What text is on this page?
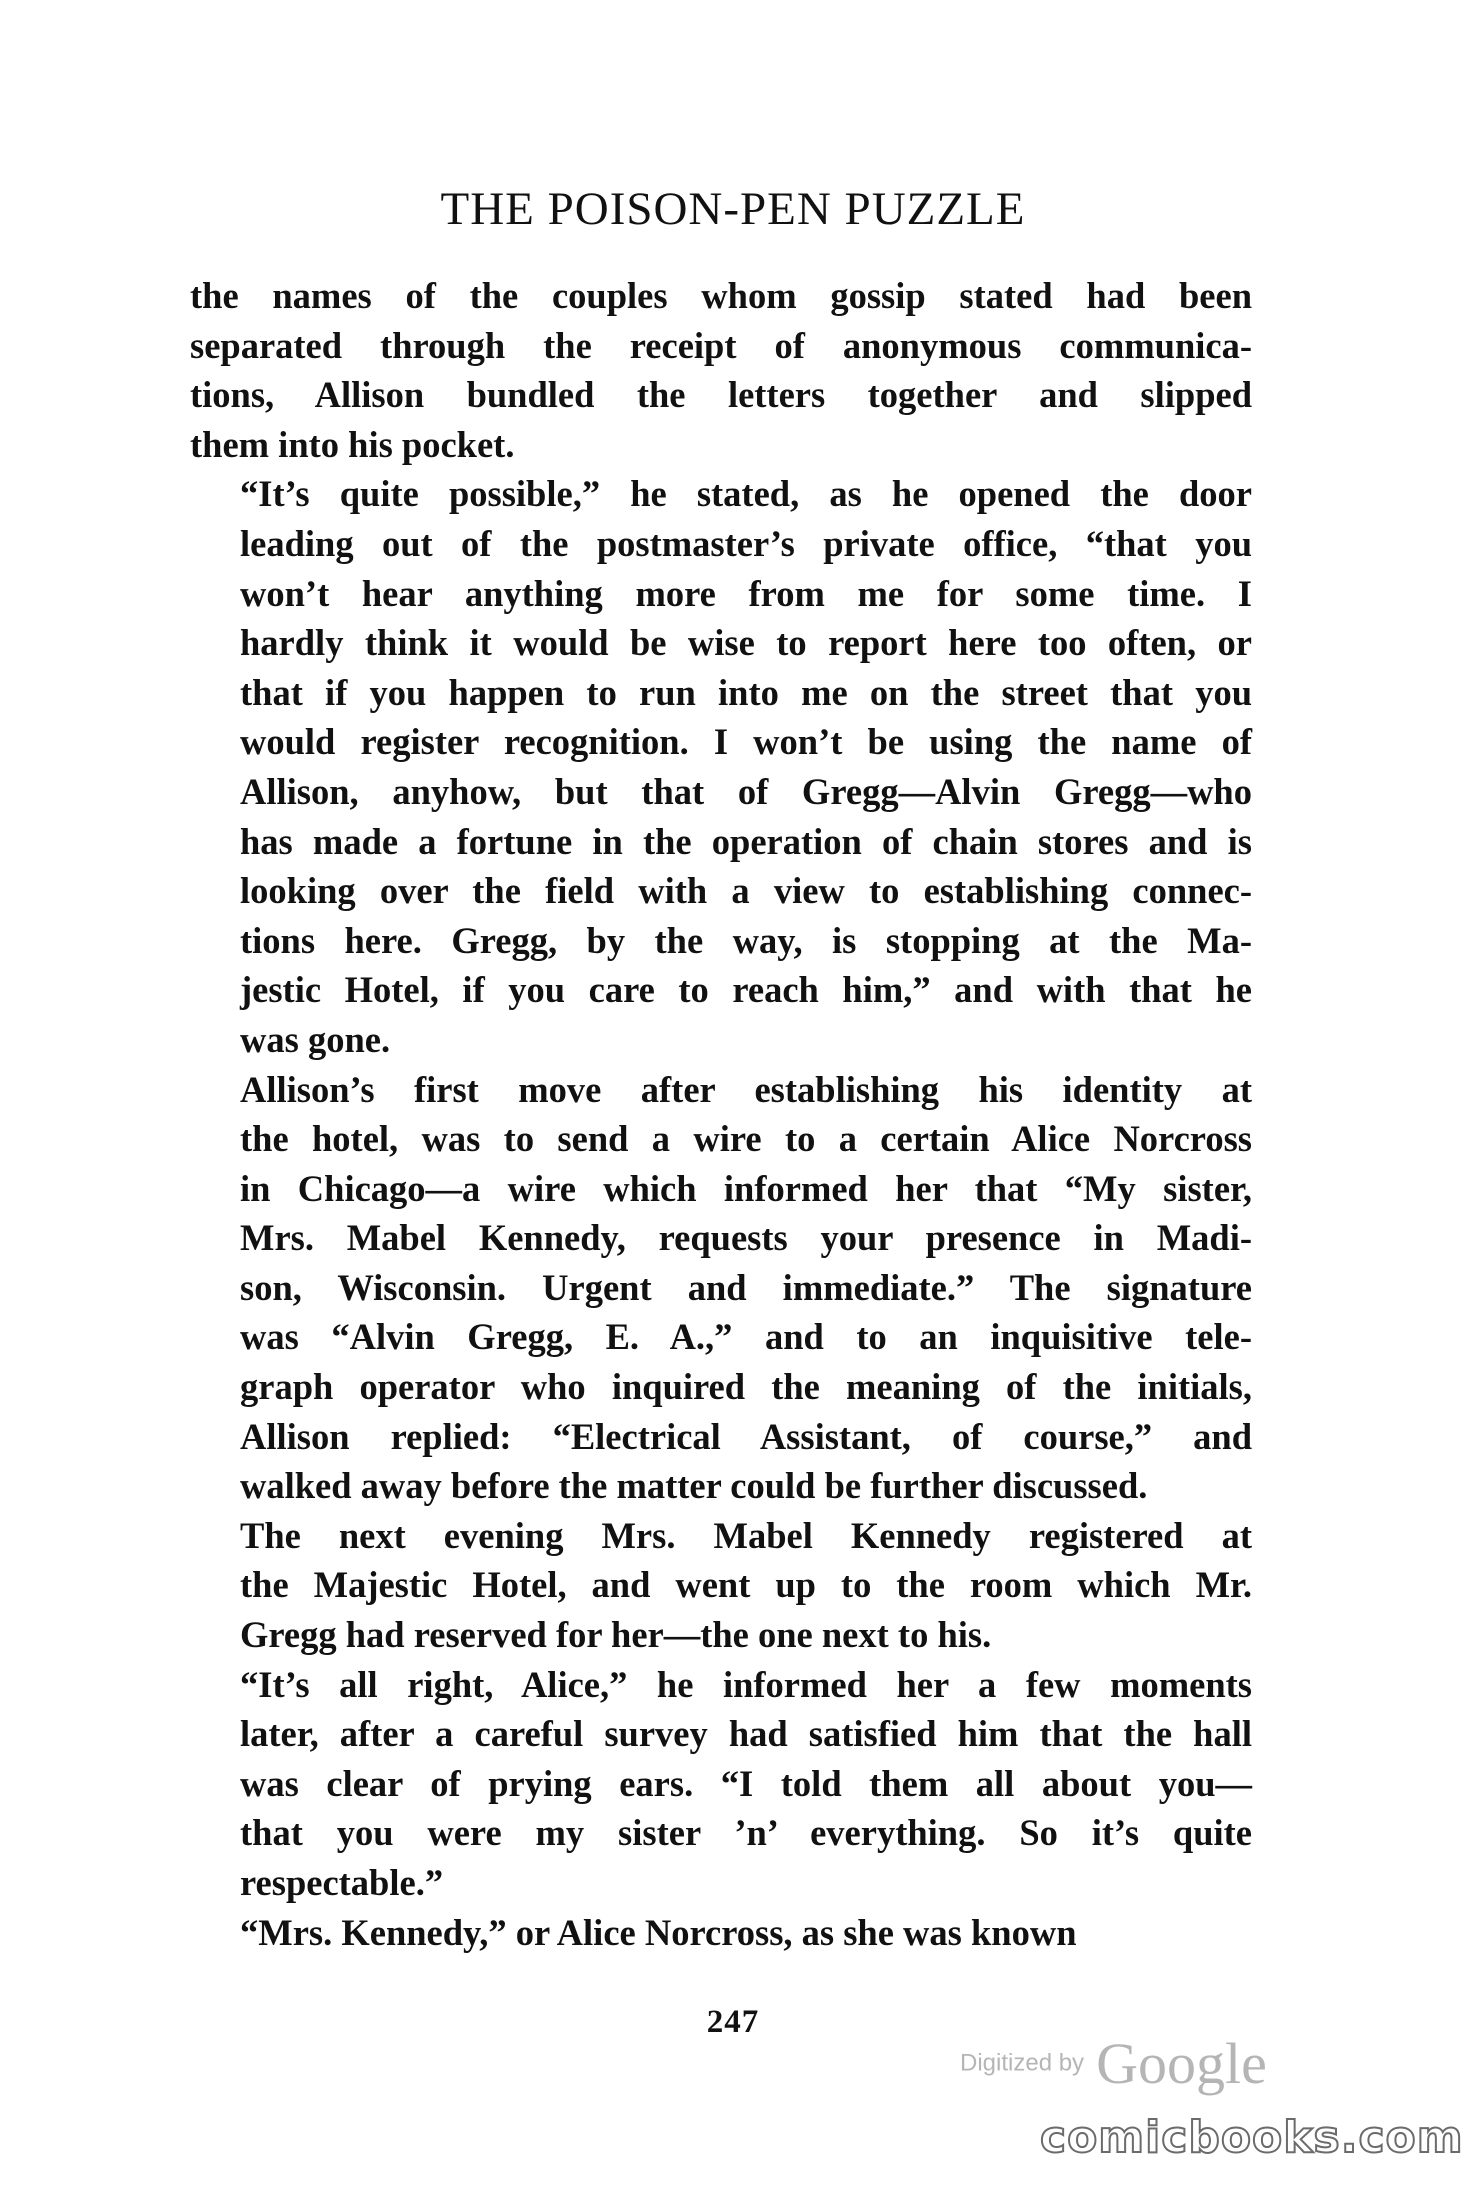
THE POISON-PEN PUZZLE

the names of the couples whom gossip stated had been
separated through the receipt of anonymous communica-
tions, Allison bundled the letters together and slipped
them into his pocket.

“It’s quite possible,” he stated, as he opened the door
leading out of the postmaster’s private office, “that you
won’t hear anything more from me for some time. I
hardly think it would be wise to report here too often, or
that if you happen to run into me on the street that you
would register recognition. I won’t be using the name of
Allison, anyhow, but that of Gregg—Alvin Gregg—who
has made a fortune in the operation of chain stores and is
looking over the field with a view to establishing connec-
tions here. Gregg, by the way, is stopping at the Ma-
jestic Hotel, if you care to reach him,” and with that he
was gone.

Allison’s first move after establishing his identity at
the hotel, was to send a wire to a certain Alice Norcross
in Chicago—a wire which informed her that “My sister,
Mrs. Mabel Kennedy, requests your presence in Madi-
son, Wisconsin. Urgent and immediate.” The signature
was “Alvin Gregg, E. A.,” and to an inquisitive tele-
graph operator who inquired the meaning of the initials,
Allison replied: “Electrical Assistant, of course,” and
walked away before the matter could be further discussed.

The next evening Mrs. Mabel Kennedy registered at
the Majestic Hotel, and went up to the room which Mr.
Gregg had reserved for her—the one next to his.

“It’s all right, Alice,” he informed her a few moments
later, after a careful survey had satisfied him that the hall
was clear of prying ears. “I told them all about you—
that you were my sister ’n’ everything. So it’s quite
respectable.”

“Mrs. Kennedy,” or Alice Norcross, as she was known

247
Digitized by Google
comicbooks.com
